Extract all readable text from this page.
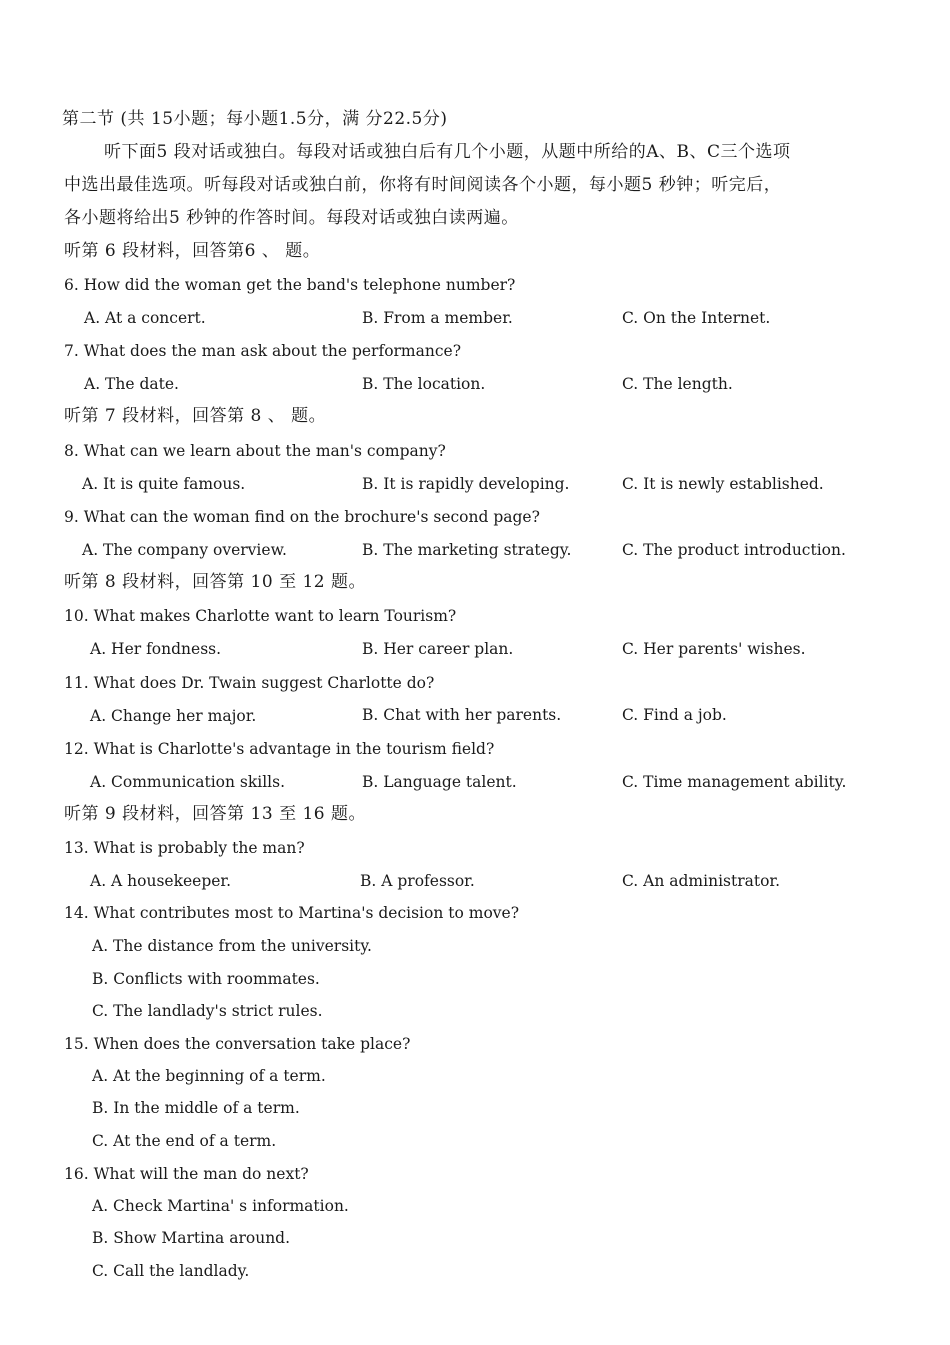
第二节 (共 15小题；每小题1.5分，满 分22.5分)
听下面5 段对话或独白。每段对话或独白后有几个小题，从题中所给的A、B、C三个选项
中选出最佳选项。听每段对话或独白前，你将有时间阅读各个小题，每小题5 秒钟；听完后，
各小题将给出5 秒钟的作答时间。每段对话或独白读两遍。
听第 6 段材料，回答第6 、 题。
6. How did the woman get the band's telephone number?
A. At a concert.	B. From a member.	C. On the Internet.
7. What does the man ask about the performance?
A. The date.	B. The location.	C. The length.
听第 7 段材料，回答第 8 、 题。
8. What can we learn about the man's company?
A. It is quite famous.	B. It is rapidly developing.	C. It is newly established.
9. What can the woman find on the brochure's second page?
A. The company overview.	B. The marketing strategy.	C. The product introduction.
听第 8 段材料，回答第 10 至 12 题。
10. What makes Charlotte want to learn Tourism?
A. Her fondness.	B. Her career plan.	C. Her parents' wishes.
11. What does Dr. Twain suggest Charlotte do?
A. Change her major.	B. Chat with her parents.	C. Find a job.
12. What is Charlotte's advantage in the tourism field?
A. Communication skills.	B. Language talent.	C. Time management ability.
听第 9 段材料，回答第 13 至 16 题。
13. What is probably the man?
A. A housekeeper.	B. A professor.	C. An administrator.
14. What contributes most to Martina's decision to move?
A. The distance from the university.
B. Conflicts with roommates.
C. The landlady's strict rules.
15. When does the conversation take place?
A. At the beginning of a term.
B. In the middle of a term.
C. At the end of a term.
16. What will the man do next?
A. Check Martina' s information.
B. Show Martina around.
C. Call the landlady.
